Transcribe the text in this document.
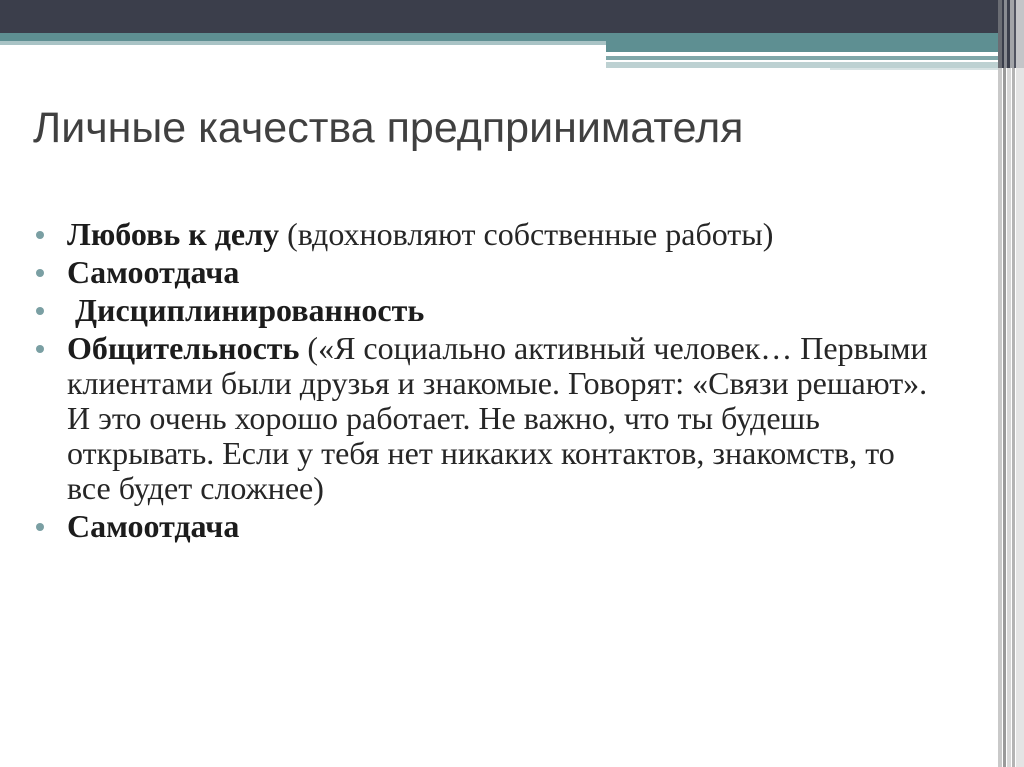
Личные качества предпринимателя
Любовь к делу (вдохновляют собственные работы)
Самоотдача
Дисциплинированность
Общительность («Я социально активный человек… Первыми клиентами были друзья и знакомые. Говорят: «Связи решают». И это очень хорошо работает. Не важно, что ты будешь открывать. Если у тебя нет никаких контактов, знакомств, то все будет сложнее)
Самоотдача
